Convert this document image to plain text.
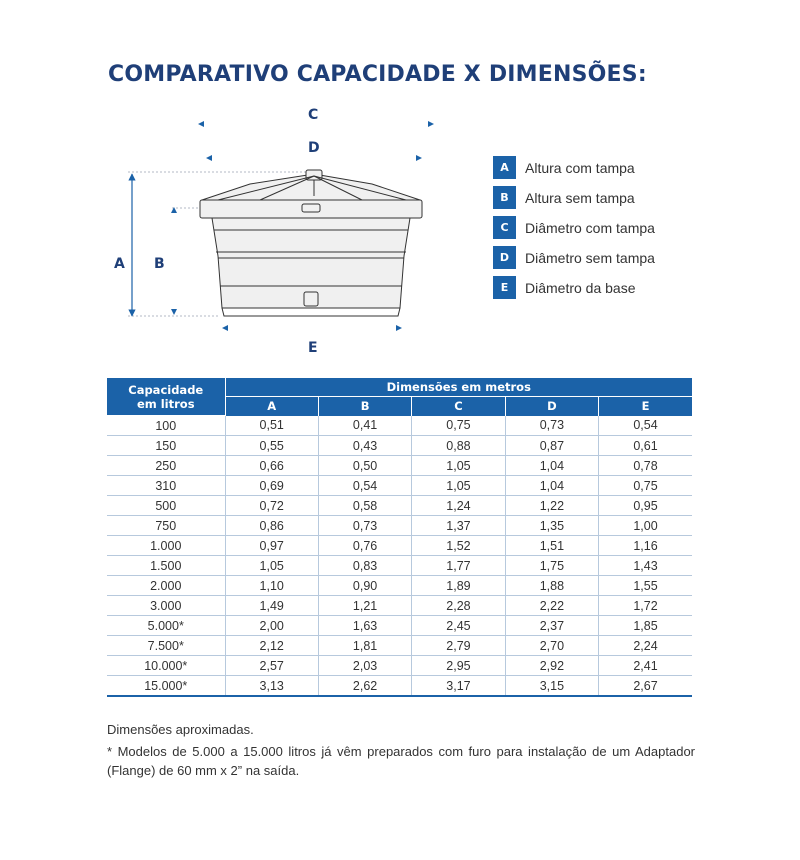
COMPARATIVO CAPACIDADE X DIMENSÕES:
C
D
A B
E
A	Altura com tampa
B	Altura sem tampa
C	Diâmetro com tampa
D	Diâmetro sem tampa
E	Diâmetro da base
Capacidade
em litros	Dimensões em metros				
	A	B	C	D	E
100	0,51	0,41	0,75	0,73	0,54
150	0,55	0,43	0,88	0,87	0,61
250	0,66	0,50	1,05	1,04	0,78
310	0,69	0,54	1,05	1,04	0,75
500	0,72	0,58	1,24	1,22	0,95
750	0,86	0,73	1,37	1,35	1,00
1.000	0,97	0,76	1,52	1,51	1,16
1.500	1,05	0,83	1,77	1,75	1,43
2.000	1,10	0,90	1,89	1,88	1,55
3.000	1,49	1,21	2,28	2,22	1,72
5.000*	2,00	1,63	2,45	2,37	1,85
7.500*	2,12	1,81	2,79	2,70	2,24
10.000*	2,57	2,03	2,95	2,92	2,41
15.000*	3,13	2,62	3,17	3,15	2,67

Dimensões aproximadas.

* Modelos de 5.000 a 15.000 litros já vêm preparados com furo para instalação de um Adaptador (Flange) de 60 mm x 2” na saída.
